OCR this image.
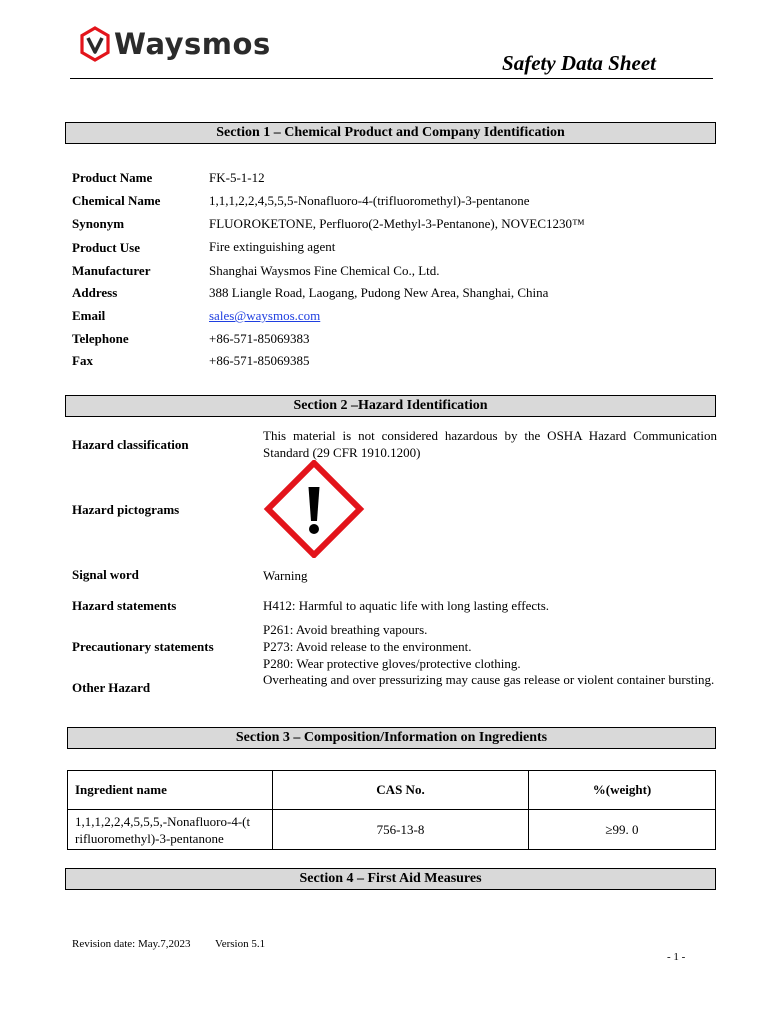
Waysmos
Safety Data Sheet
Section 1 – Chemical Product and Company Identification
Product Name	FK-5-1-12
Chemical Name	1,1,1,2,2,4,5,5,5-Nonafluoro-4-(trifluoromethyl)-3-pentanone
Synonym	FLUOROKETONE, Perfluoro(2-Methyl-3-Pentanone), NOVEC1230™
Product Use	Fire extinguishing agent
Manufacturer	Shanghai Waysmos Fine Chemical Co., Ltd.
Address	388 Liangle Road, Laogang, Pudong New Area, Shanghai, China
Email	sales@waysmos.com
Telephone	+86-571-85069383
Fax	+86-571-85069385
Section 2 –Hazard Identification
Hazard classification
This material is not considered hazardous by the OSHA Hazard Communication Standard (29 CFR 1910.1200)
Hazard pictograms
Signal word	Warning
Hazard statements	H412: Harmful to aquatic life with long lasting effects.
Precautionary statements
P261: Avoid breathing vapours.
P273: Avoid release to the environment.
P280: Wear protective gloves/protective clothing.
Other Hazard
Overheating and over pressurizing may cause gas release or violent container bursting.
Section 3 – Composition/Information on Ingredients
Ingredient name	CAS No.	%(weight)

1,1,1,2,2,4,5,5,5,-Nonafluoro-4-(t
rifluoromethyl)-3-pentanone	756-13-8	≥99. 0
Section 4 – First Aid Measures
Revision date: May.7,2023 Version 5.1
- 1 -
